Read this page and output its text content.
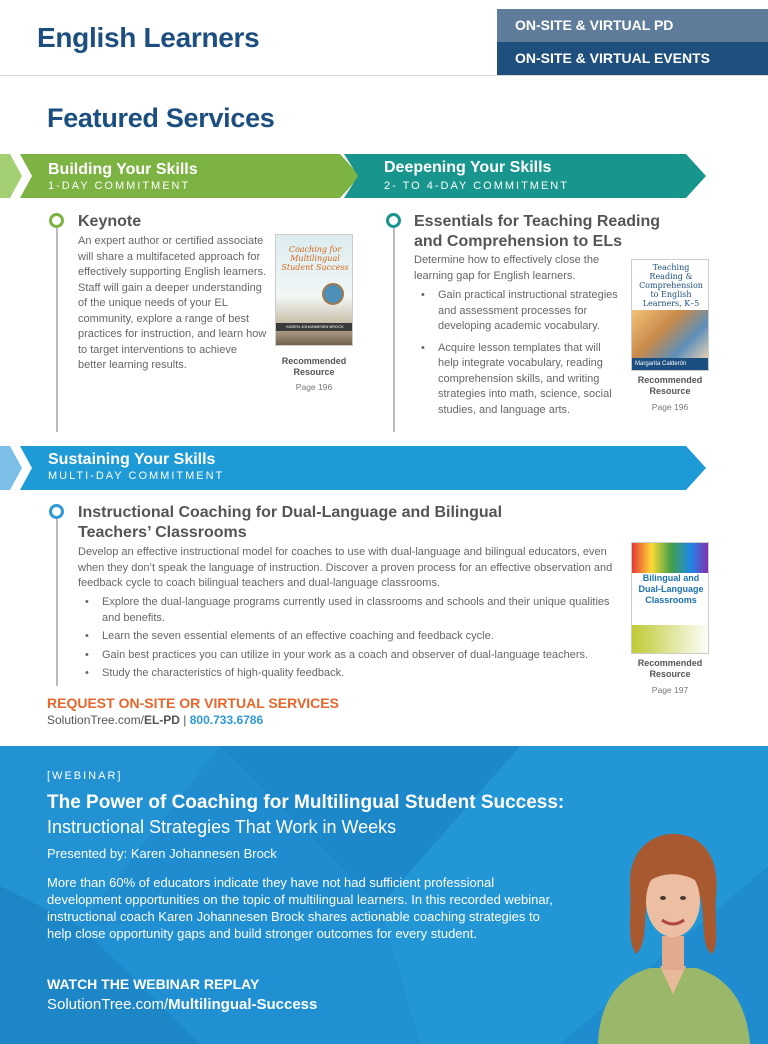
English Learners	ON-SITE & VIRTUAL PD
ON-SITE & VIRTUAL EVENTS
Featured Services
Building Your Skills
1-DAY COMMITMENT
Deepening Your Skills
2- TO 4-DAY COMMITMENT
Keynote
An expert author or certified associate will share a multifaceted approach for effectively supporting English learners. Staff will gain a deeper understanding of the unique needs of your EL community, explore a range of best practices for instruction, and learn how to target interventions to achieve better learning results.
Coaching for Multilingual Student Success
KAREN JOHANNESEN BROCK
Recommended Resource
Page 196
Essentials for Teaching Reading and Comprehension to ELs
Determine how to effectively close the learning gap for English learners.
• Gain practical instructional strategies and assessment processes for developing academic vocabulary.
• Acquire lesson templates that will help integrate vocabulary, reading comprehension skills, and writing strategies into math, science, social studies, and language arts.
Teaching Reading & Comprehension to English Learners, K–5
Margarita Calderón
Recommended Resource
Page 196
Sustaining Your Skills
MULTI-DAY COMMITMENT
Instructional Coaching for Dual-Language and Bilingual Teachers’ Classrooms
Develop an effective instructional model for coaches to use with dual-language and bilingual educators, even when they don’t speak the language of instruction. Discover a proven process for an effective observation and feedback cycle to coach bilingual teachers and dual-language classrooms.
• Explore the dual-language programs currently used in classrooms and schools and their unique qualities and benefits.
• Learn the seven essential elements of an effective coaching and feedback cycle.
• Gain best practices you can utilize in your work as a coach and observer of dual-language teachers.
• Study the characteristics of high-quality feedback.
Bilingual and Dual-Language Classrooms
Recommended Resource
Page 197
REQUEST ON-SITE OR VIRTUAL SERVICES
SolutionTree.com/EL-PD | 800.733.6786
[WEBINAR]
The Power of Coaching for Multilingual Student Success:
Instructional Strategies That Work in Weeks
Presented by: Karen Johannesen Brock
More than 60% of educators indicate they have not had sufficient professional development opportunities on the topic of multilingual learners. In this recorded webinar, instructional coach Karen Johannesen Brock shares actionable coaching strategies to help close opportunity gaps and build stronger outcomes for every student.
WATCH THE WEBINAR REPLAY
SolutionTree.com/Multilingual-Success
